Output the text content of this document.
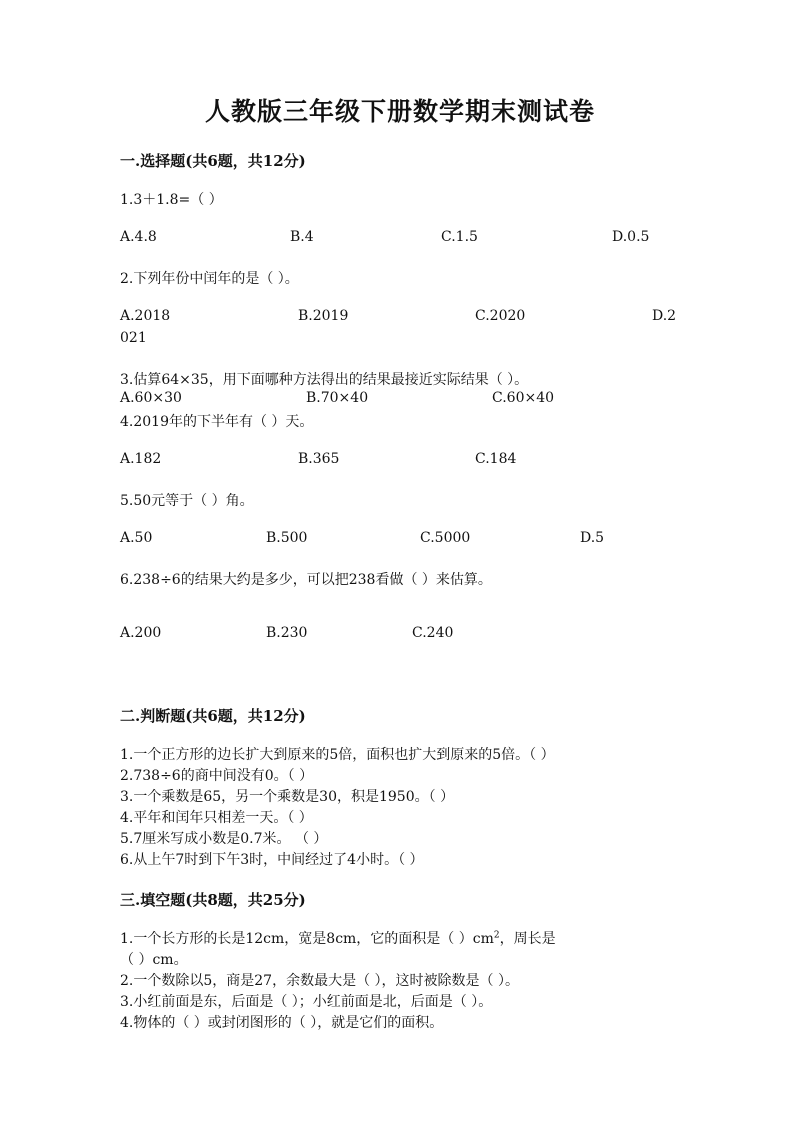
人教版三年级下册数学期末测试卷
一.选择题(共6题，共12分)
1.3＋1.8=（ ）
A.4.8	B.4	C.1.5	D.0.5
2.下列年份中闰年的是（ ）。
A.2018	B.2019	C.2020	D.2
021
3.估算64×35，用下面哪种方法得出的结果最接近实际结果（ ）。
A.60×30	B.70×40	C.60×40
4.2019年的下半年有（ ）天。
A.182	B.365	C.184
5.50元等于（ ）角。
A.50	B.500	C.5000	D.5
6.238÷6的结果大约是多少，可以把238看做（ ）来估算。
A.200	B.230	C.240
二.判断题(共6题，共12分)
1.一个正方形的边长扩大到原来的5倍，面积也扩大到原来的5倍。（ ）
2.738÷6的商中间没有0。（ ）
3.一个乘数是65，另一个乘数是30，积是1950。（ ）
4.平年和闰年只相差一天。（ ）
5.7厘米写成小数是0.7米。 （ ）
6.从上午7时到下午3时，中间经过了4小时。（ ）
三.填空题(共8题，共25分)
1.一个长方形的长是12cm，宽是8cm，它的面积是（ ）$cm^2$，周长是
（ ）cm。
2.一个数除以5，商是27，余数最大是（ ），这时被除数是（ ）。
3.小红前面是东，后面是（ ）；小红前面是北，后面是（ ）。
4.物体的（ ）或封闭图形的（ ），就是它们的面积。
